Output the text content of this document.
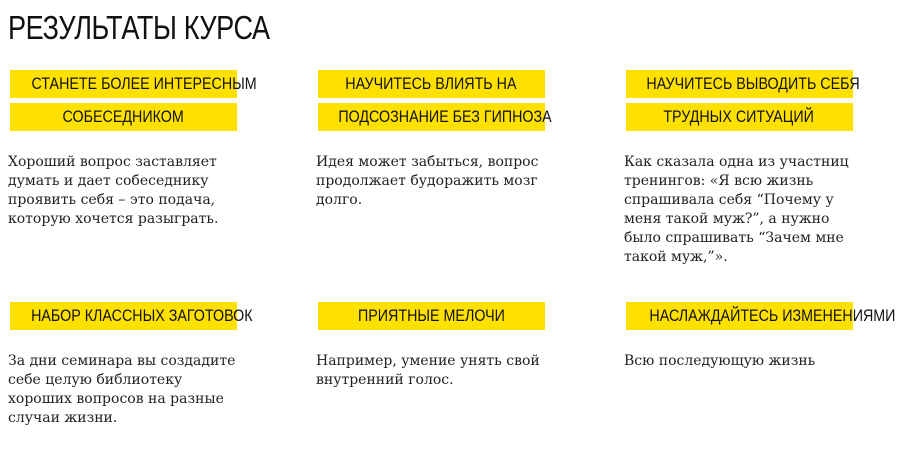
РЕЗУЛЬТАТЫ КУРСА
СТАНЕТЕ БОЛЕЕ ИНТЕРЕСНЫМ
СОБЕСЕДНИКОМ

Хороший вопрос заставляет думать и дает собеседнику проявить себя – это подача, которую хочется разыграть.

НАУЧИТЕСЬ ВЛИЯТЬ НА
ПОДСОЗНАНИЕ БЕЗ ГИПНОЗА

Идея может забыться, вопрос продолжает будоражить мозг долго.

НАУЧИТЕСЬ ВЫВОДИТЬ СЕБЯ
ТРУДНЫХ СИТУАЦИЙ

Как сказала одна из участниц тренингов: «Я всю жизнь спрашивала себя “Почему у меня такой муж?”, а нужно было спрашивать “Зачем мне такой муж,”».

НАБОР КЛАССНЫХ ЗАГОТОВОК

За дни семинара вы создадите себе целую библиотеку хороших вопросов на разные случаи жизни.

ПРИЯТНЫЕ МЕЛОЧИ

Например, умение унять свой внутренний голос.

НАСЛАЖДАЙТЕСЬ ИЗМЕНЕНИЯМИ

Всю последующую жизнь
